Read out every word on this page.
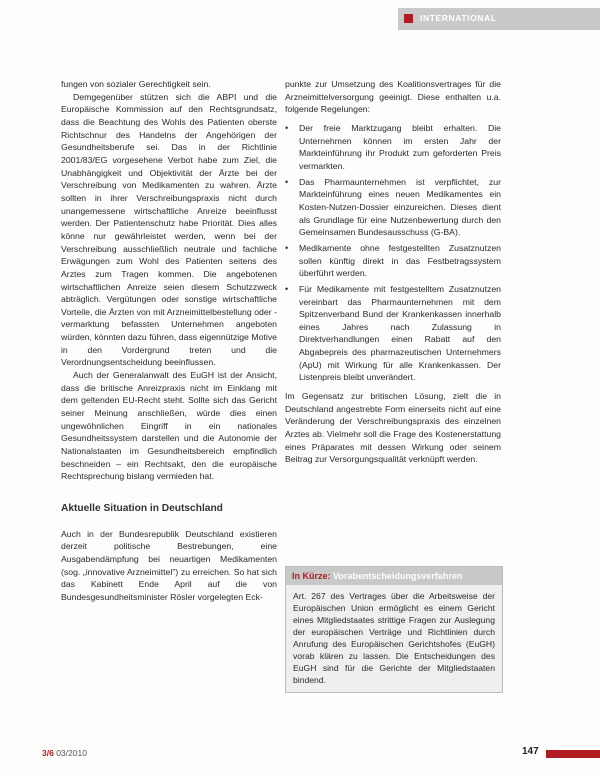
INTERNATIONAL

fungen von sozialer Gerechtigkeit sein.

Demgegenüber stützen sich die ABPI und die Europäische Kommission auf den Rechtsgrundsatz, dass die Beachtung des Wohls des Patienten oberste Richtschnur des Handelns der Angehörigen der Gesundheitsberufe sei. Das in der Richtlinie 2001/83/EG vorgesehene Verbot habe zum Ziel, die Unabhängigkeit und Objektivität der Ärzte bei der Verschreibung von Medikamenten zu wahren. Ärzte sollten in ihrer Verschreibungspraxis nicht durch unangemessene wirtschaftliche Anreize beeinflusst werden. Der Patientenschutz habe Priorität. Dies alles könne nur gewährleistet werden, wenn bei der Verschreibung ausschließlich neutrale und fachliche Erwägungen zum Wohl des Patienten seitens des Arztes zum Tragen kommen. Die angebotenen wirtschaftlichen Anreize seien diesem Schutzzweck abträglich. Vergütungen oder sonstige wirtschaftliche Vorteile, die Ärzten von mit Arzneimittelbestellung oder -vermarktung befassten Unternehmen angeboten würden, könnten dazu führen, dass eigennützige Motive in den Vordergrund treten und die Verordnungsentscheidung beeinflussen.

Auch der Generalanwalt des EuGH ist der Ansicht, dass die britische Anreizpraxis nicht im Einklang mit dem geltenden EU-Recht steht. Sollte sich das Gericht seiner Meinung anschließen, würde dies einen ungewöhnlichen Eingriff in ein nationales Gesundheitssystem darstellen und die Autonomie der Nationalstaaten im Gesundheitsbereich empfindlich beschneiden – ein Rechtsakt, den die europäische Rechtsprechung bislang vermieden hat.

Aktuelle Situation in Deutschland

Auch in der Bundesrepublik Deutschland existieren derzeit politische Bestrebungen, eine Ausgabendämpfung bei neuartigen Medikamenten (sog. „innovative Arzneimittel") zu erreichen. So hat sich das Kabinett Ende April auf die von Bundesgesundheitsminister Rösler vorgelegten Eck-

punkte zur Umsetzung des Koalitionsvertrages für die Arzneimittelversorgung geeinigt. Diese enthalten u.a. folgende Regelungen:

• Der freie Marktzugang bleibt erhalten. Die Unternehmen können im ersten Jahr der Markteinführung ihr Produkt zum geforderten Preis vermarkten.
• Das Pharmaunternehmen ist verpflichtet, zur Markteinführung eines neuen Medikamentes ein Kosten-Nutzen-Dossier einzureichen. Dieses dient als Grundlage für eine Nutzenbewertung durch den Gemeinsamen Bundesausschuss (G-BA).
• Medikamente ohne festgestellten Zusatznutzen sollen künftig direkt in das Festbetragssystem überführt werden.
• Für Medikamente mit festgestelltem Zusatznutzen vereinbart das Pharmaunternehmen mit dem Spitzenverband Bund der Krankenkassen innerhalb eines Jahres nach Zulassung in Direktverhandlungen einen Rabatt auf den Abgabepreis des pharmazeutischen Unternehmers (ApU) mit Wirkung für alle Krankenkassen. Der Listenpreis bleibt unverändert.

Im Gegensatz zur britischen Lösung, zielt die in Deutschland angestrebte Form einerseits nicht auf eine Veränderung der Verschreibungspraxis des einzelnen Arztes ab. Vielmehr soll die Frage des Kostenerstattung eines Präparates mit dessen Wirkung oder seinem Beitrag zur Versorgungsqualität verknüpft werden.

In Kürze: Vorabentscheidungsverfahren
Art. 267 des Vertrages über die Arbeitsweise der Europäischen Union ermöglicht es einem Gericht eines Mitgliedstaates strittige Fragen zur Auslegung der europäischen Verträge und Richtlinien durch Anrufung des Europäischen Gerichtshofes (EuGH) vorab klären zu lassen. Die Entscheidungen des EuGH sind für die Gerichte der Mitgliedstaaten bindend.
3/6 03/2010	147
